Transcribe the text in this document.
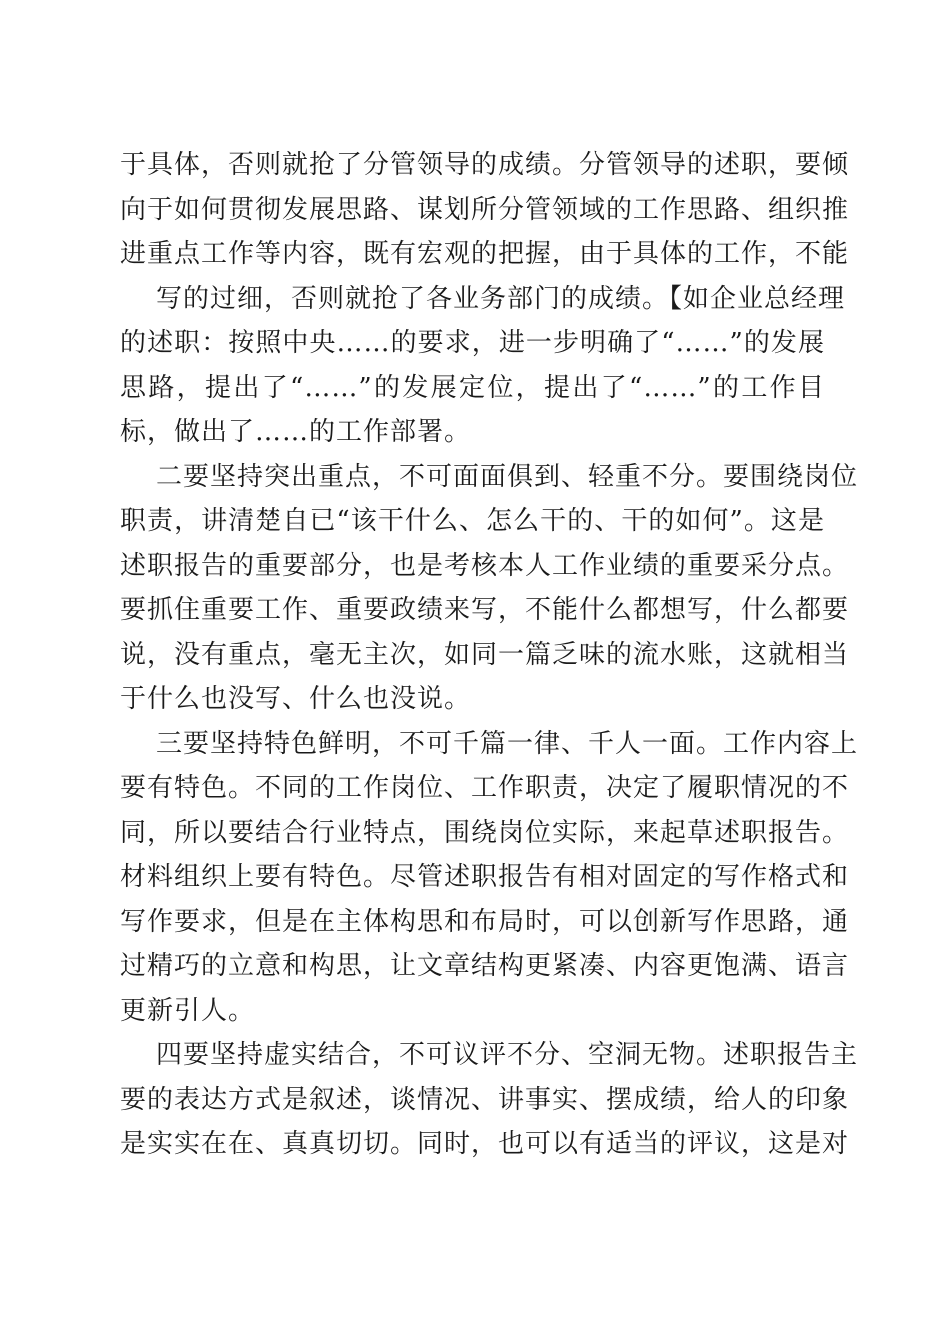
于具体，否则就抢了分管领导的成绩。分管领导的述职，要倾
向于如何贯彻发展思路、谋划所分管领域的工作思路、组织推
进重点工作等内容，既有宏观的把握，由于具体的工作，不能
写的过细，否则就抢了各业务部门的成绩。【如企业总经理
的述职：按照中央……的要求，进一步明确了“……”的发展
思路，提出了“……”的发展定位，提出了“……”的工作目
标，做出了……的工作部署。
二要坚持突出重点，不可面面俱到、轻重不分。要围绕岗位
职责，讲清楚自已“该干什么、怎么干的、干的如何”。这是
述职报告的重要部分，也是考核本人工作业绩的重要采分点。
要抓住重要工作、重要政绩来写，不能什么都想写，什么都要
说，没有重点，毫无主次，如同一篇乏味的流水账，这就相当
于什么也没写、什么也没说。
三要坚持特色鲜明，不可千篇一律、千人一面。工作内容上
要有特色。不同的工作岗位、工作职责，决定了履职情况的不
同，所以要结合行业特点，围绕岗位实际，来起草述职报告。
材料组织上要有特色。尽管述职报告有相对固定的写作格式和
写作要求，但是在主体构思和布局时，可以创新写作思路，通
过精巧的立意和构思，让文章结构更紧凑、内容更饱满、语言
更新引人。
四要坚持虚实结合，不可议评不分、空洞无物。述职报告主
要的表达方式是叙述，谈情况、讲事实、摆成绩，给人的印象
是实实在在、真真切切。同时，也可以有适当的评议，这是对
